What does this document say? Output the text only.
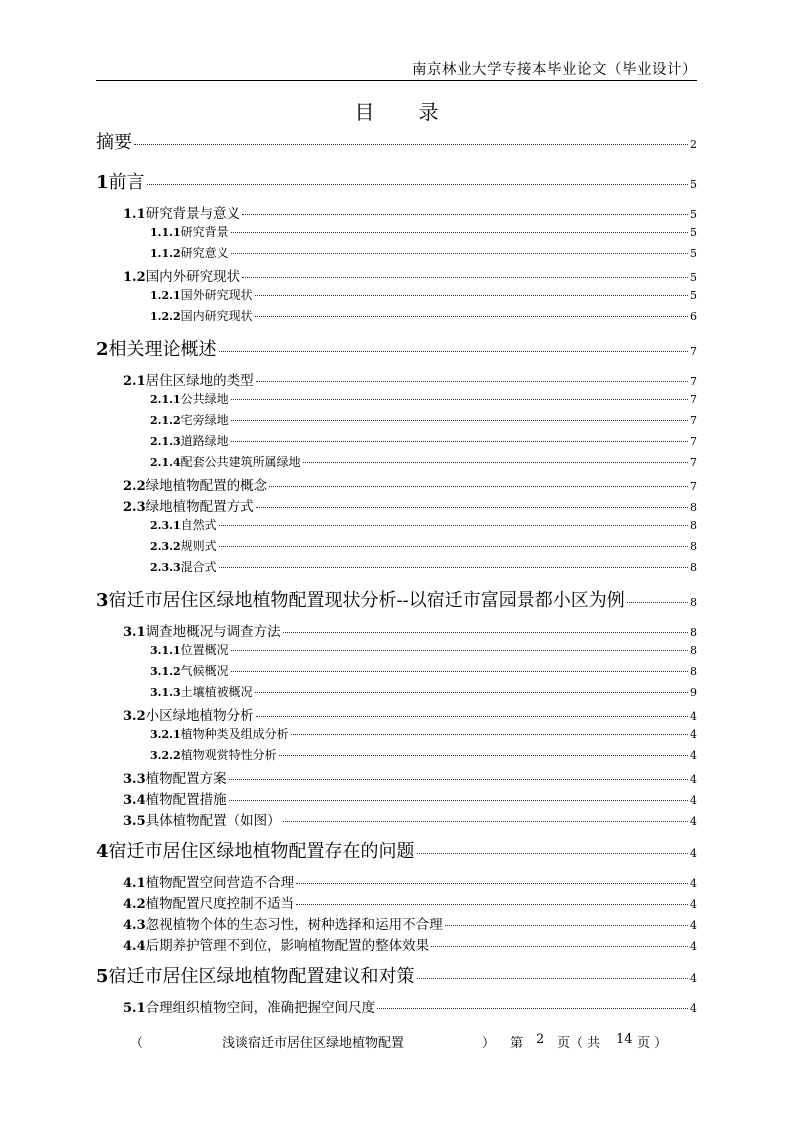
南京林业大学专接本毕业论文（毕业设计）
目 录
摘要	2
1 前言	5
1.1 研究背景与意义	5
1.1.1 研究背景	5
1.1.2 研究意义	5
1.2 国内外研究现状	5
1.2.1 国外研究现状	5
1.2.2 国内研究现状	6
2 相关理论概述	7
2.1 居住区绿地的类型	7
2.1.1 公共绿地	7
2.1.2 宅旁绿地	7
2.1.3 道路绿地	7
2.1.4 配套公共建筑所属绿地	7
2.2 绿地植物配置的概念	7
2.3 绿地植物配置方式	8
2.3.1 自然式	8
2.3.2 规则式	8
2.3.3 混合式	8
3 宿迁市居住区绿地植物配置现状分析--以宿迁市富园景都小区为例	8
3.1 调查地概况与调查方法	8
3.1.1 位置概况	8
3.1.2 气候概况	8
3.1.3 土壤植被概况	9
3.2 小区绿地植物分析	4
3.2.1 植物种类及组成分析	4
3.2.2 植物观赏特性分析	4
3.3 植物配置方案	4
3.4 植物配置措施	4
3.5 具体植物配置（如图）	4
4 宿迁市居住区绿地植物配置存在的问题	4
4.1 植物配置空间营造不合理	4
4.2 植物配置尺度控制不适当	4
4.3 忽视植物个体的生态习性，树种选择和运用不合理	4
4.4 后期养护管理不到位，影响植物配置的整体效果	4
5 宿迁市居住区绿地植物配置建议和对策	4
5.1 合理组织植物空间，准确把握空间尺度	4
（	浅谈宿迁市居住区绿地植物配置	） 第 2 页（ 共 14 页 ）
